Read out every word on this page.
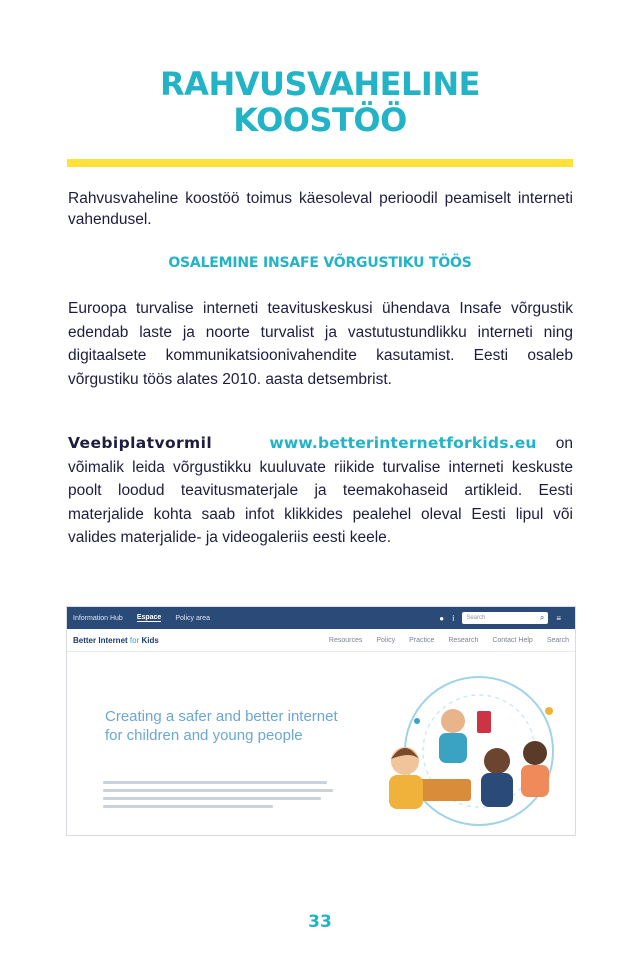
RAHVUSVAHELINE
KOOSTÖÖ
Rahvusvaheline koostöö toimus käesoleval perioodil peamiselt interneti vahendusel.
OSALEMINE INSAFE VÕRGUSTIKU TÖÖS
Euroopa turvalise interneti teavituskeskusi ühendava Insafe võrgustik edendab laste ja noorte turvalist ja vastutustundlikku interneti ning digitaalsete kommunikatsioonivahendite kasutamist. Eesti osaleb võrgustiku töös alates 2010. aasta detsembrist.
Veebiplatvormil	www.betterinternetforkids.eu on võimalik leida võrgustikku kuuluvate riikide turvalise interneti keskuste poolt loodud teavitusmaterjale ja teemakohaseid artikleid. Eesti materjalide kohta saab infot klikkides pealehel oleval Eesti lipul või valides materjalide- ja videogaleriis eesti keele.
Information Hub Espace Policy area	● ⅰ Search	⌕ ≡
Better Internet for Kids	Resources Policy Practice Research Contact Help Search
Creating a safer and better internet for children and young people
33
